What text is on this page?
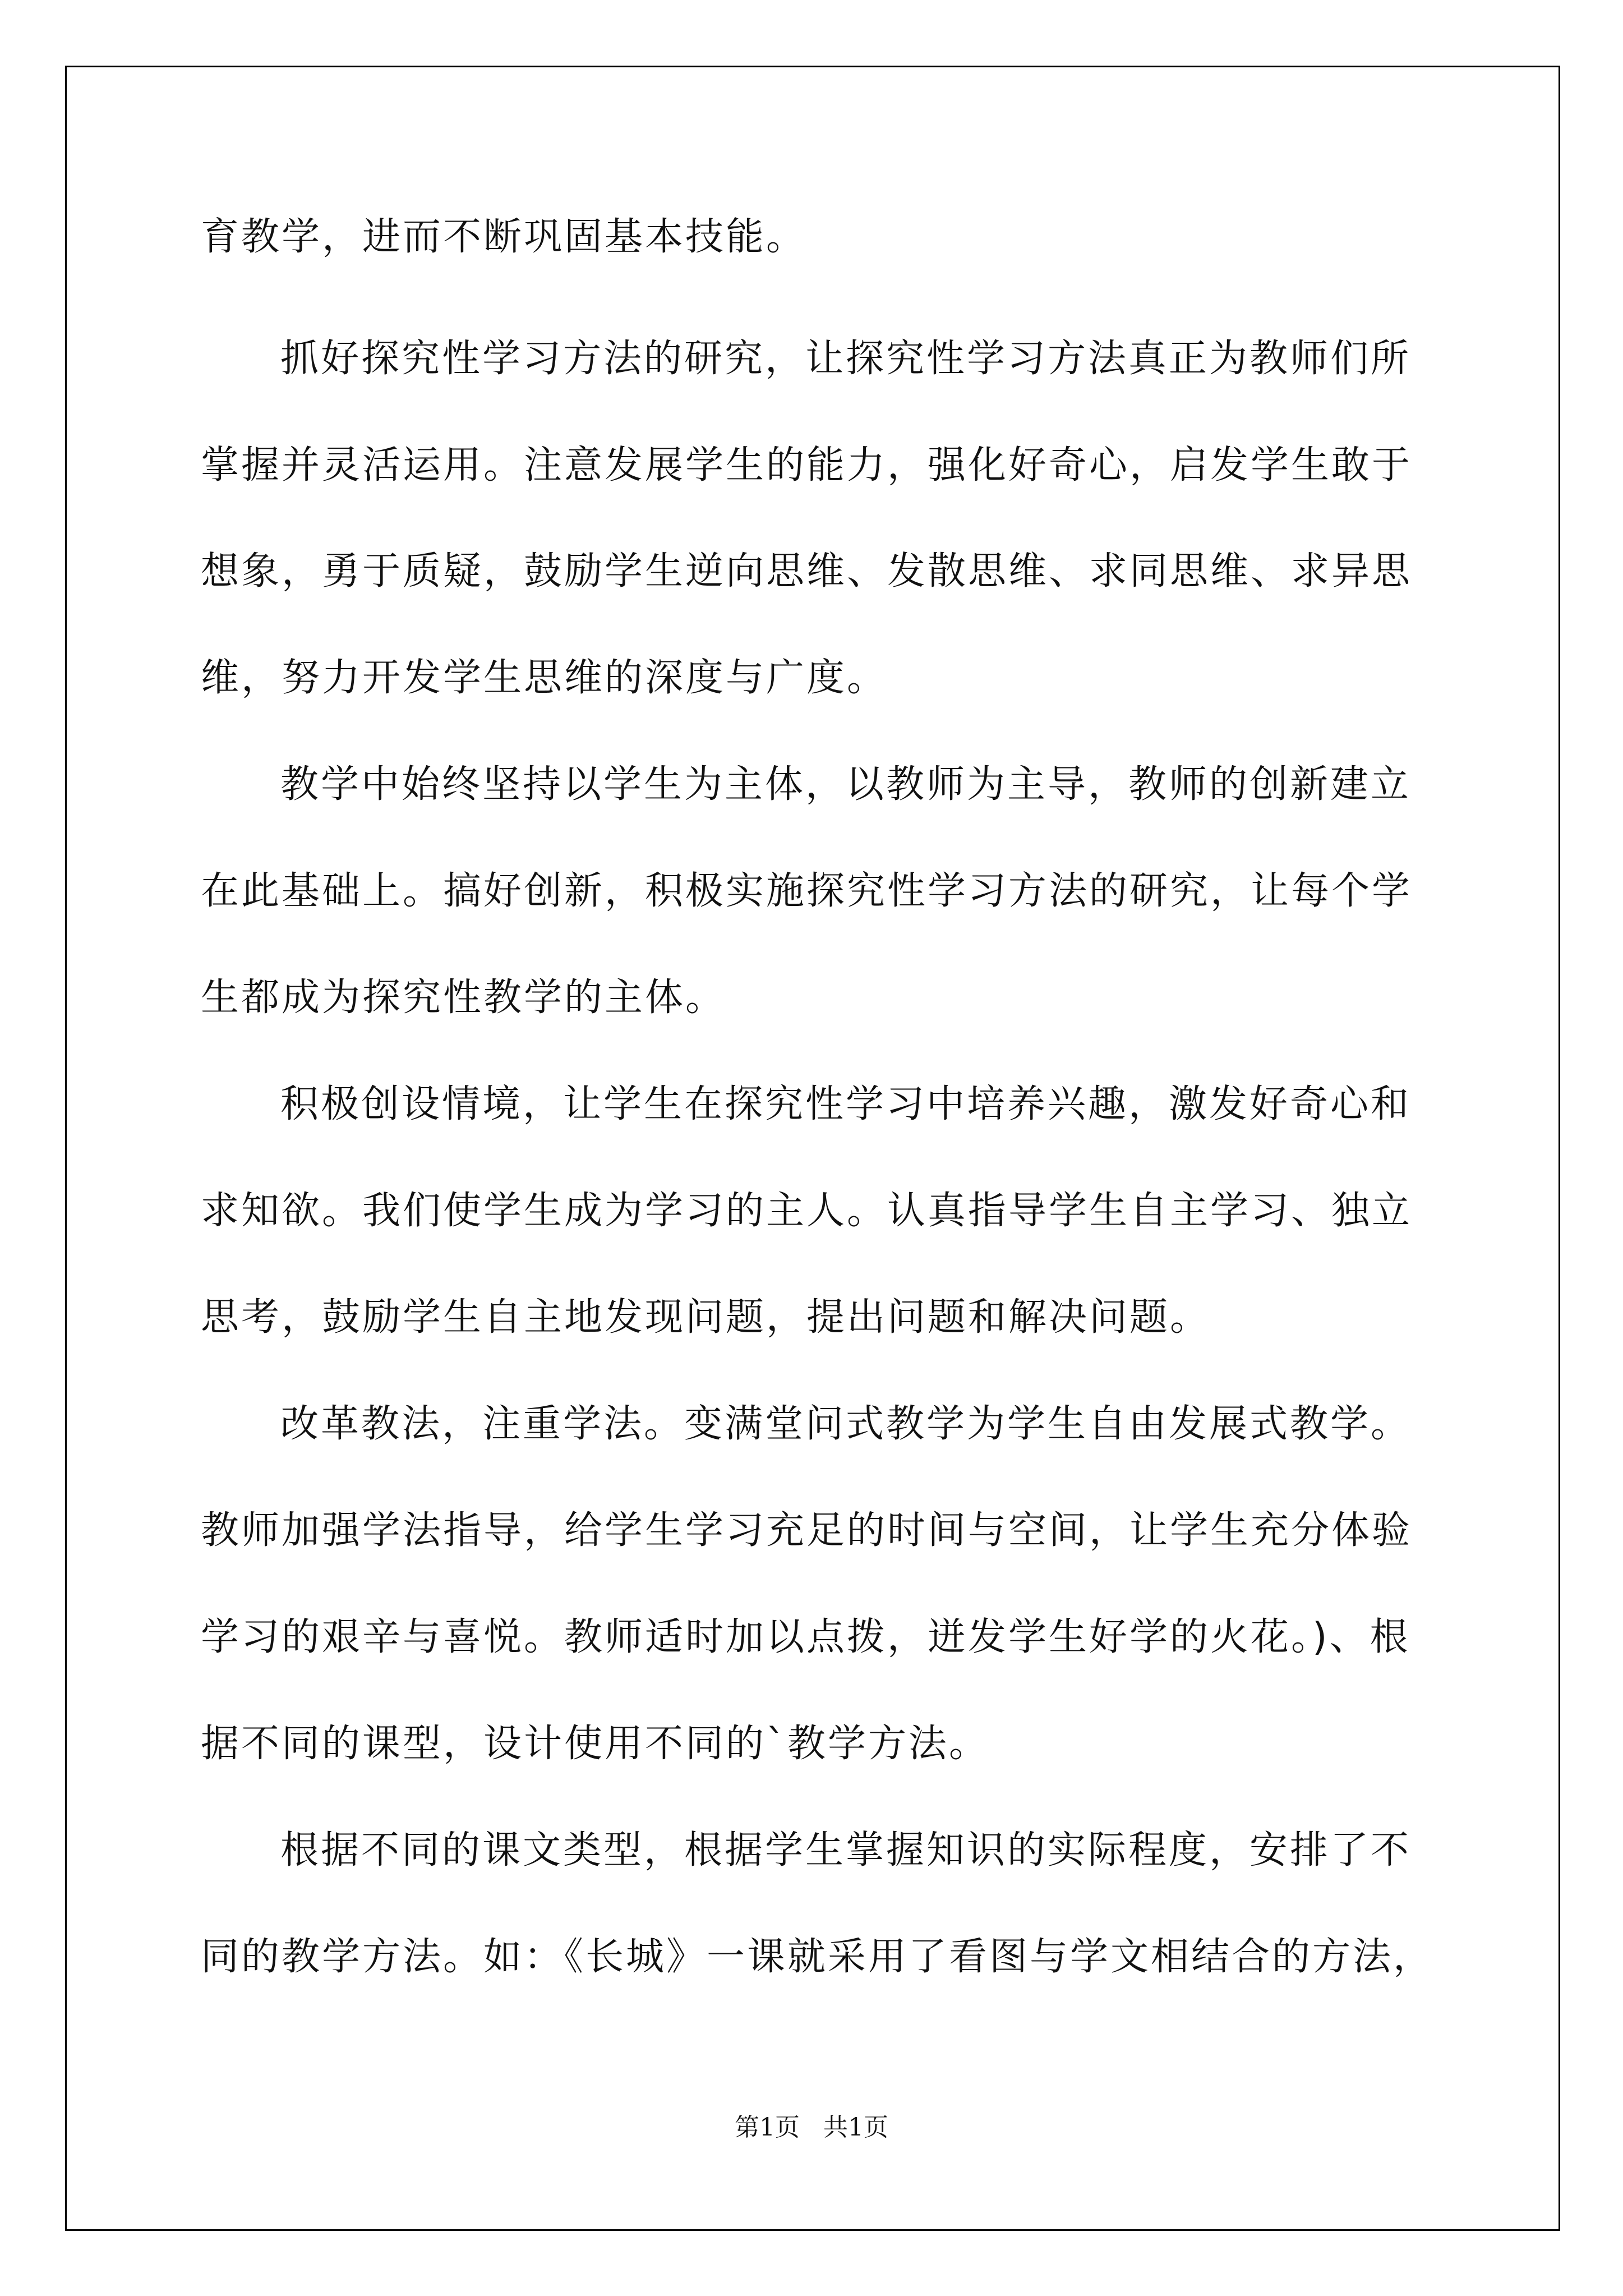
育教学，进而不断巩固基本技能。
抓好探究性学习方法的研究，让探究性学习方法真正为教师们所
掌握并灵活运用。注意发展学生的能力，强化好奇心，启发学生敢于
想象，勇于质疑，鼓励学生逆向思维、发散思维、求同思维、求异思
维，努力开发学生思维的深度与广度。
教学中始终坚持以学生为主体，以教师为主导，教师的创新建立
在此基础上。搞好创新，积极实施探究性学习方法的研究，让每个学
生都成为探究性教学的主体。
积极创设情境，让学生在探究性学习中培养兴趣，激发好奇心和
求知欲。我们使学生成为学习的主人。认真指导学生自主学习、独立
思考，鼓励学生自主地发现问题，提出问题和解决问题。
改革教法，注重学法。变满堂问式教学为学生自由发展式教学。
教师加强学法指导，给学生学习充足的时间与空间，让学生充分体验
学习的艰辛与喜悦。教师适时加以点拨，迸发学生好学的火花。)、根
据不同的课型，设计使用不同的`教学方法。
根据不同的课文类型，根据学生掌握知识的实际程度，安排了不
同的教学方法。如：《长城》一课就采用了看图与学文相结合的方法，
第1页 共1页
